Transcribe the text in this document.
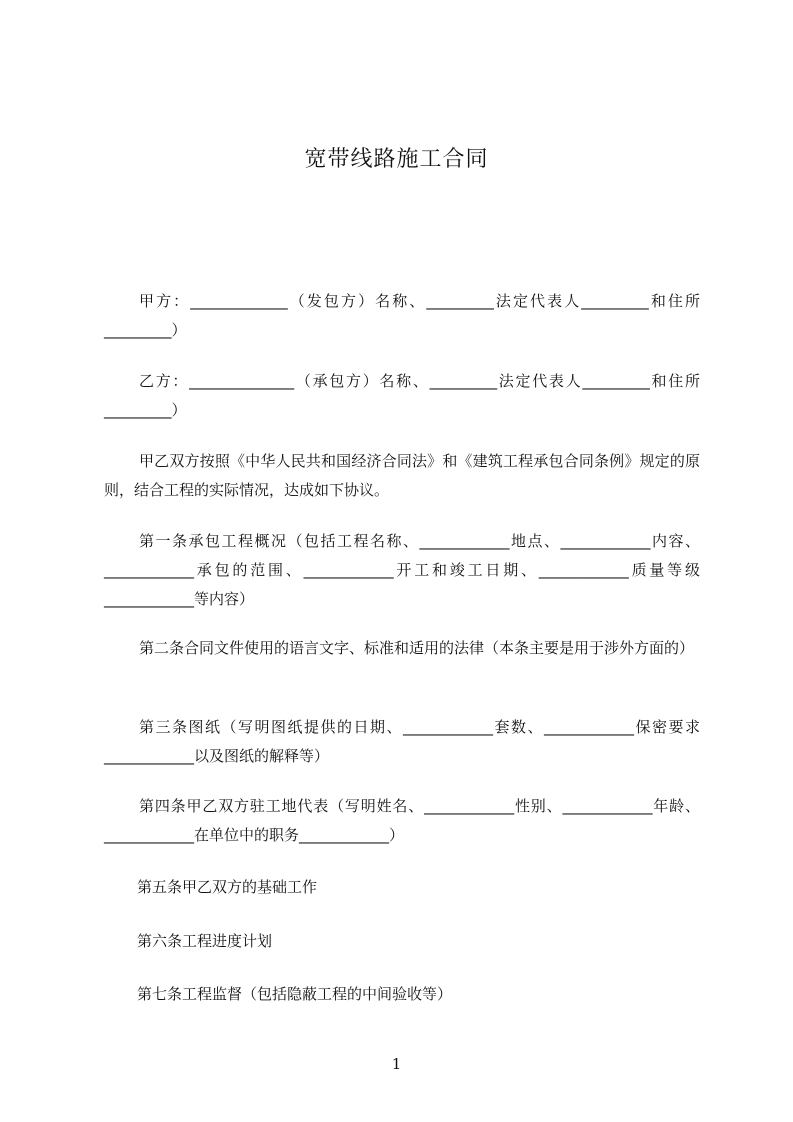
宽带线路施工合同

甲方：_____________（发包方）名称、_________法定代表人_________和住所_________）

乙方：______________（承包方）名称、_________法定代表人_________和住所_________）

甲乙双方按照《中华人民共和国经济合同法》和《建筑工程承包合同条例》规定的原则，结合工程的实际情况，达成如下协议。

第一条承包工程概况（包括工程名称、____________地点、____________内容、____________承包的范围、____________开工和竣工日期、____________质量等级____________等内容）

第二条合同文件使用的语言文字、标准和适用的法律（本条主要是用于涉外方面的）

第三条图纸（写明图纸提供的日期、____________套数、____________保密要求____________以及图纸的解释等）

第四条甲乙双方驻工地代表（写明姓名、____________性别、____________年龄、____________在单位中的职务____________）

第五条甲乙双方的基础工作

第六条工程进度计划

第七条工程监督（包括隐蔽工程的中间验收等）

1
